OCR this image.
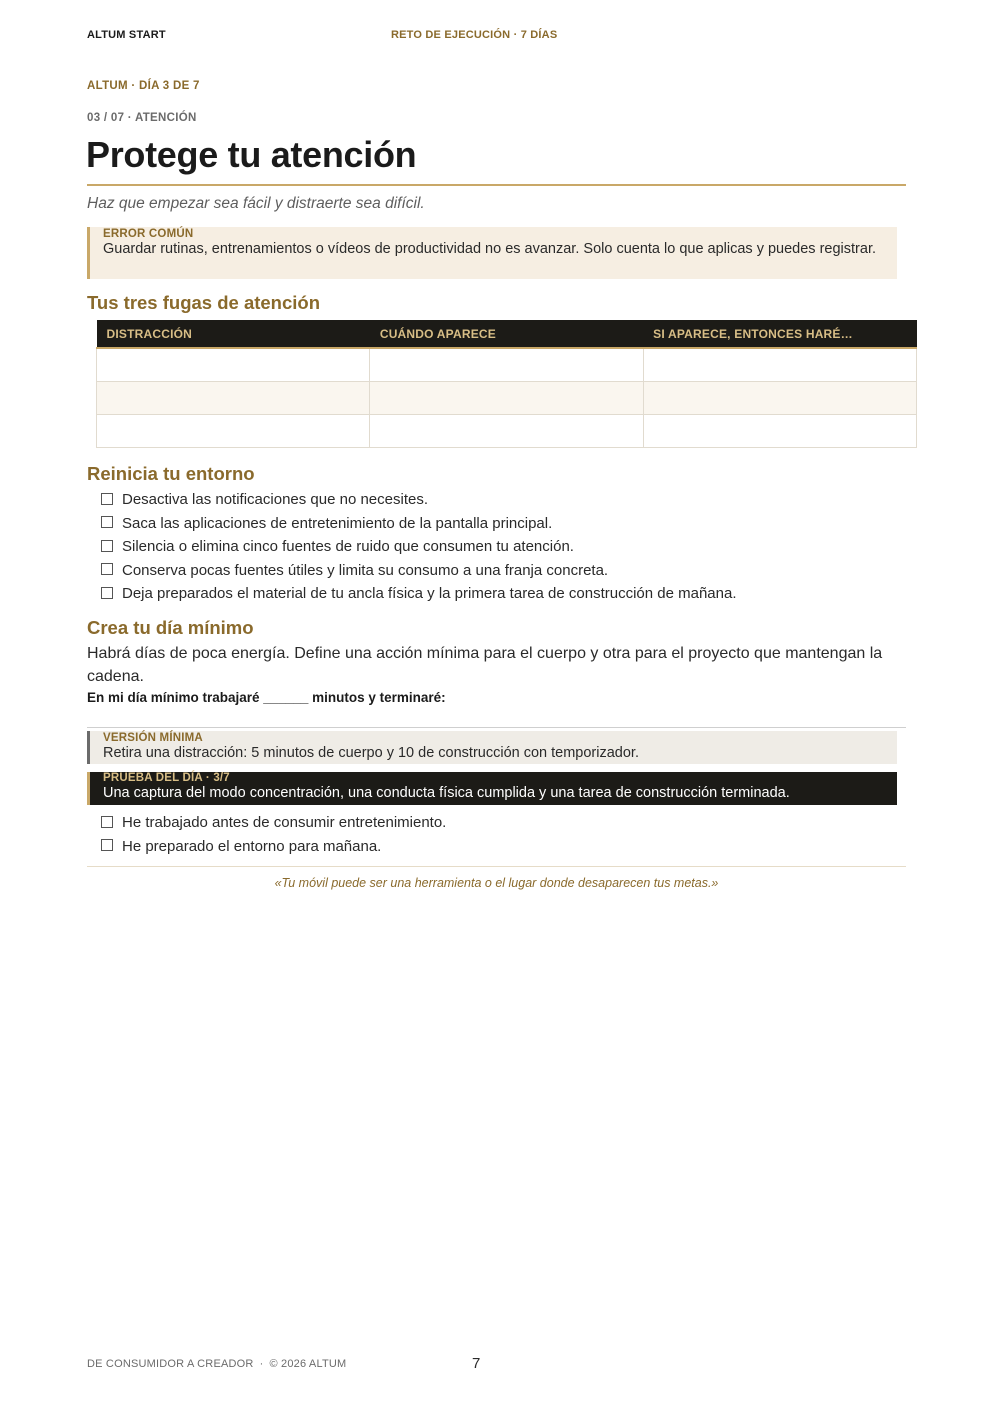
ALTUM START	RETO DE EJECUCIÓN · 7 DÍAS
ALTUM · DÍA 3 DE 7
03 / 07 · ATENCIÓN
Protege tu atención
Haz que empezar sea fácil y distraerte sea difícil.
ERROR COMÚN
Guardar rutinas, entrenamientos o vídeos de productividad no es avanzar. Solo cuenta lo que aplicas y puedes registrar.
Tus tres fugas de atención
DISTRACCIÓN	CUÁNDO APARECE	SI APARECE, ENTONCES HARÉ…

Reinicia tu entorno
Desactiva las notificaciones que no necesites.
Saca las aplicaciones de entretenimiento de la pantalla principal.
Silencia o elimina cinco fuentes de ruido que consumen tu atención.
Conserva pocas fuentes útiles y limita su consumo a una franja concreta.
Deja preparados el material de tu ancla física y la primera tarea de construcción de mañana.
Crea tu día mínimo

Habrá días de poca energía. Define una acción mínima para el cuerpo y otra para el proyecto que mantengan la cadena.

En mi día mínimo trabajaré ______ minutos y terminaré:
VERSIÓN MÍNIMA
Retira una distracción: 5 minutos de cuerpo y 10 de construcción con temporizador.
PRUEBA DEL DÍA · 3/7
Una captura del modo concentración, una conducta física cumplida y una tarea de construcción terminada.
He trabajado antes de consumir entretenimiento.
He preparado el entorno para mañana.
«Tu móvil puede ser una herramienta o el lugar donde desaparecen tus metas.»
DE CONSUMIDOR A CREADOR · © 2026 ALTUM	7
